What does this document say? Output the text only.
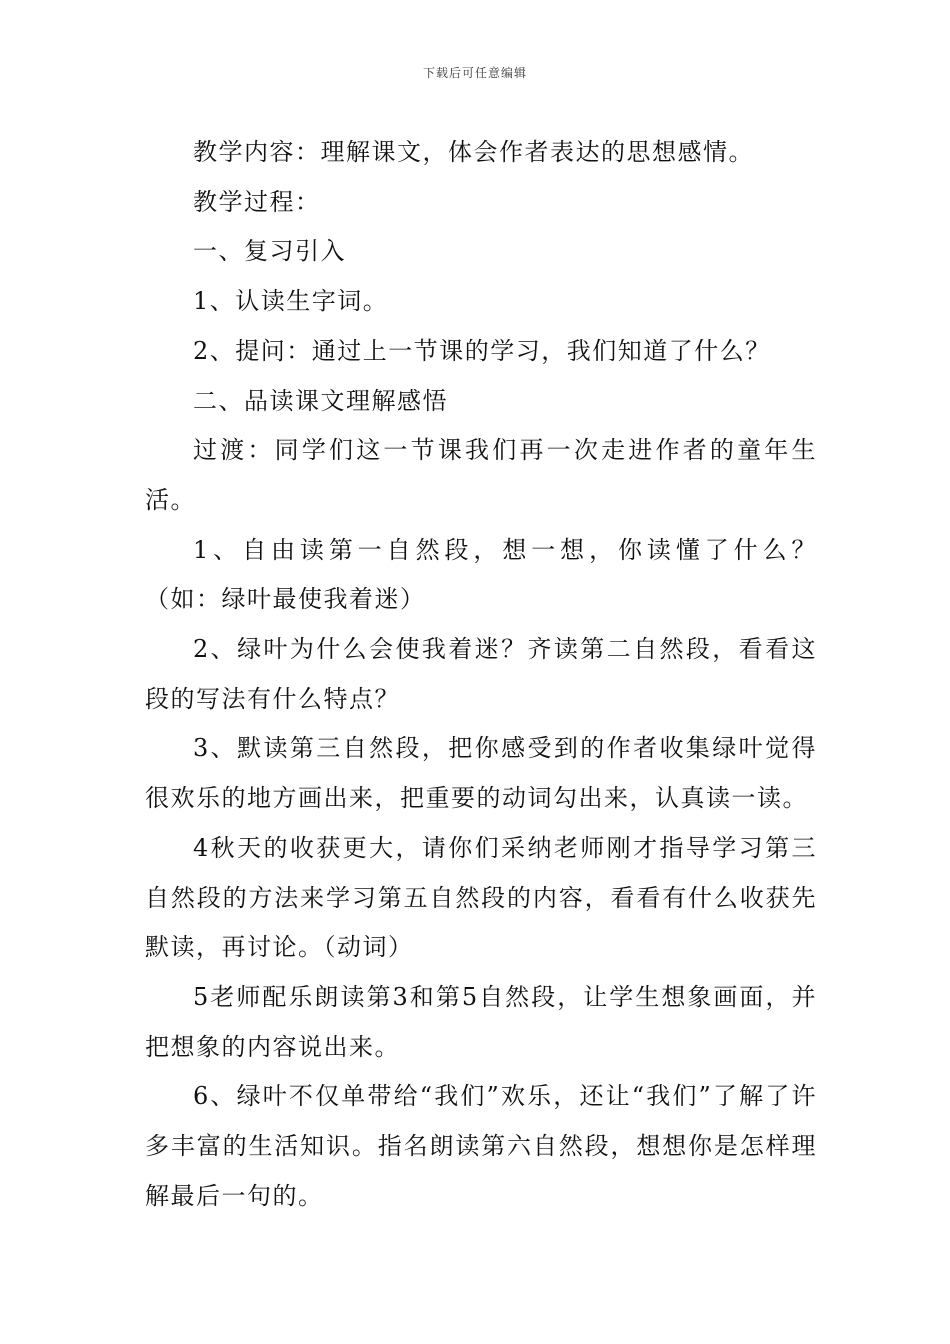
下载后可任意编辑

教学内容：理解课文，体会作者表达的思想感情。

教学过程：

一、复习引入

1、认读生字词。

2、提问：通过上一节课的学习，我们知道了什么？

二、品读课文理解感悟

过渡：同学们这一节课我们再一次走进作者的童年生活。

1、自由读第一自然段，想一想，你读懂了什么？（如：绿叶最使我着迷）

2、绿叶为什么会使我着迷？齐读第二自然段，看看这段的写法有什么特点？

3、默读第三自然段，把你感受到的作者收集绿叶觉得很欢乐的地方画出来，把重要的动词勾出来，认真读一读。

4秋天的收获更大，请你们采纳老师刚才指导学习第三自然段的方法来学习第五自然段的内容，看看有什么收获先默读，再讨论。（动词）

5老师配乐朗读第3和第5自然段，让学生想象画面，并把想象的内容说出来。

6、绿叶不仅单带给“我们”欢乐，还让“我们”了解了许多丰富的生活知识。指名朗读第六自然段，想想你是怎样理解最后一句的。
